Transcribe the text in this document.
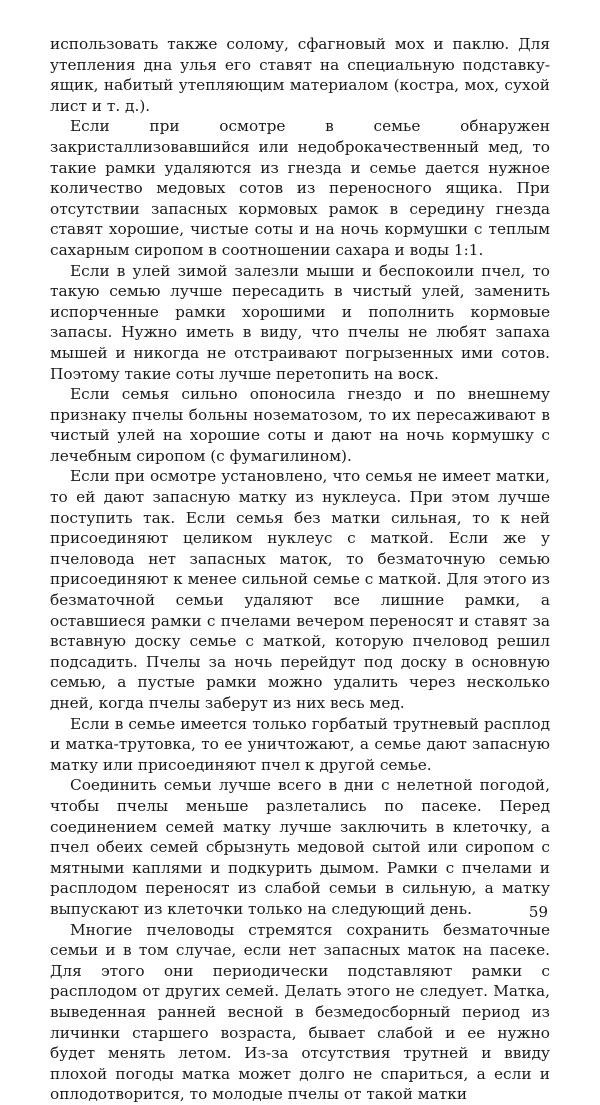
использовать также солому, сфагновый мох и паклю. Для утепления дна улья его ставят на специальную подставку-ящик, набитый утепляющим материалом (костра, мох, сухой лист и т. д.).

Если при осмотре в семье обнаружен закристаллизовавшийся или недоброкачественный мед, то такие рамки удаляются из гнезда и семье дается нужное количество медовых сотов из переносного ящика. При отсутствии запасных кормовых рамок в середину гнезда ставят хорошие, чистые соты и на ночь кормушки с теплым сахарным сиропом в соотношении сахара и воды 1:1.

Если в улей зимой залезли мыши и беспокоили пчел, то такую семью лучше пересадить в чистый улей, заменить испорченные рамки хорошими и пополнить кормовые запасы. Нужно иметь в виду, что пчелы не любят запаха мышей и никогда не отстраивают погрызенных ими сотов. Поэтому такие соты лучше перетопить на воск.

Если семья сильно опоносила гнездо и по внешнему признаку пчелы больны нозематозом, то их пересаживают в чистый улей на хорошие соты и дают на ночь кормушку с лечебным сиропом (с фумагилином).

Если при осмотре установлено, что семья не имеет матки, то ей дают запасную матку из нуклеуса. При этом лучше поступить так. Если семья без матки сильная, то к ней присоединяют целиком нуклеус с маткой. Если же у пчеловода нет запасных маток, то безматочную семью присоединяют к менее сильной семье с маткой. Для этого из безматочной семьи удаляют все лишние рамки, а оставшиеся рамки с пчелами вечером переносят и ставят за вставную доску семье с маткой, которую пчеловод решил подсадить. Пчелы за ночь перейдут под доску в основную семью, а пустые рамки можно удалить через несколько дней, когда пчелы заберут из них весь мед.

Если в семье имеется только горбатый трутневый расплод и матка-трутовка, то ее уничтожают, а семье дают запасную матку или присоединяют пчел к другой семье.

Соединить семьи лучше всего в дни с нелетной погодой, чтобы пчелы меньше разлетались по пасеке. Перед соединением семей матку лучше заключить в клеточку, а пчел обеих семей сбрызнуть медовой сытой или сиропом с мятными каплями и подкурить дымом. Рамки с пчелами и расплодом переносят из слабой семьи в сильную, а матку выпускают из клеточки только на следующий день.

Многие пчеловоды стремятся сохранить безматочные семьи и в том случае, если нет запасных маток на пасеке. Для этого они периодически подставляют рамки с расплодом от других семей. Делать этого не следует. Матка, выведенная ранней весной в безмедосборный период из личинки старшего возраста, бывает слабой и ее нужно будет менять летом. Из-за отсутствия трутней и ввиду плохой погоды матка может долго не спариться, а если и оплодотворится, то молодые пчелы от такой матки

59
